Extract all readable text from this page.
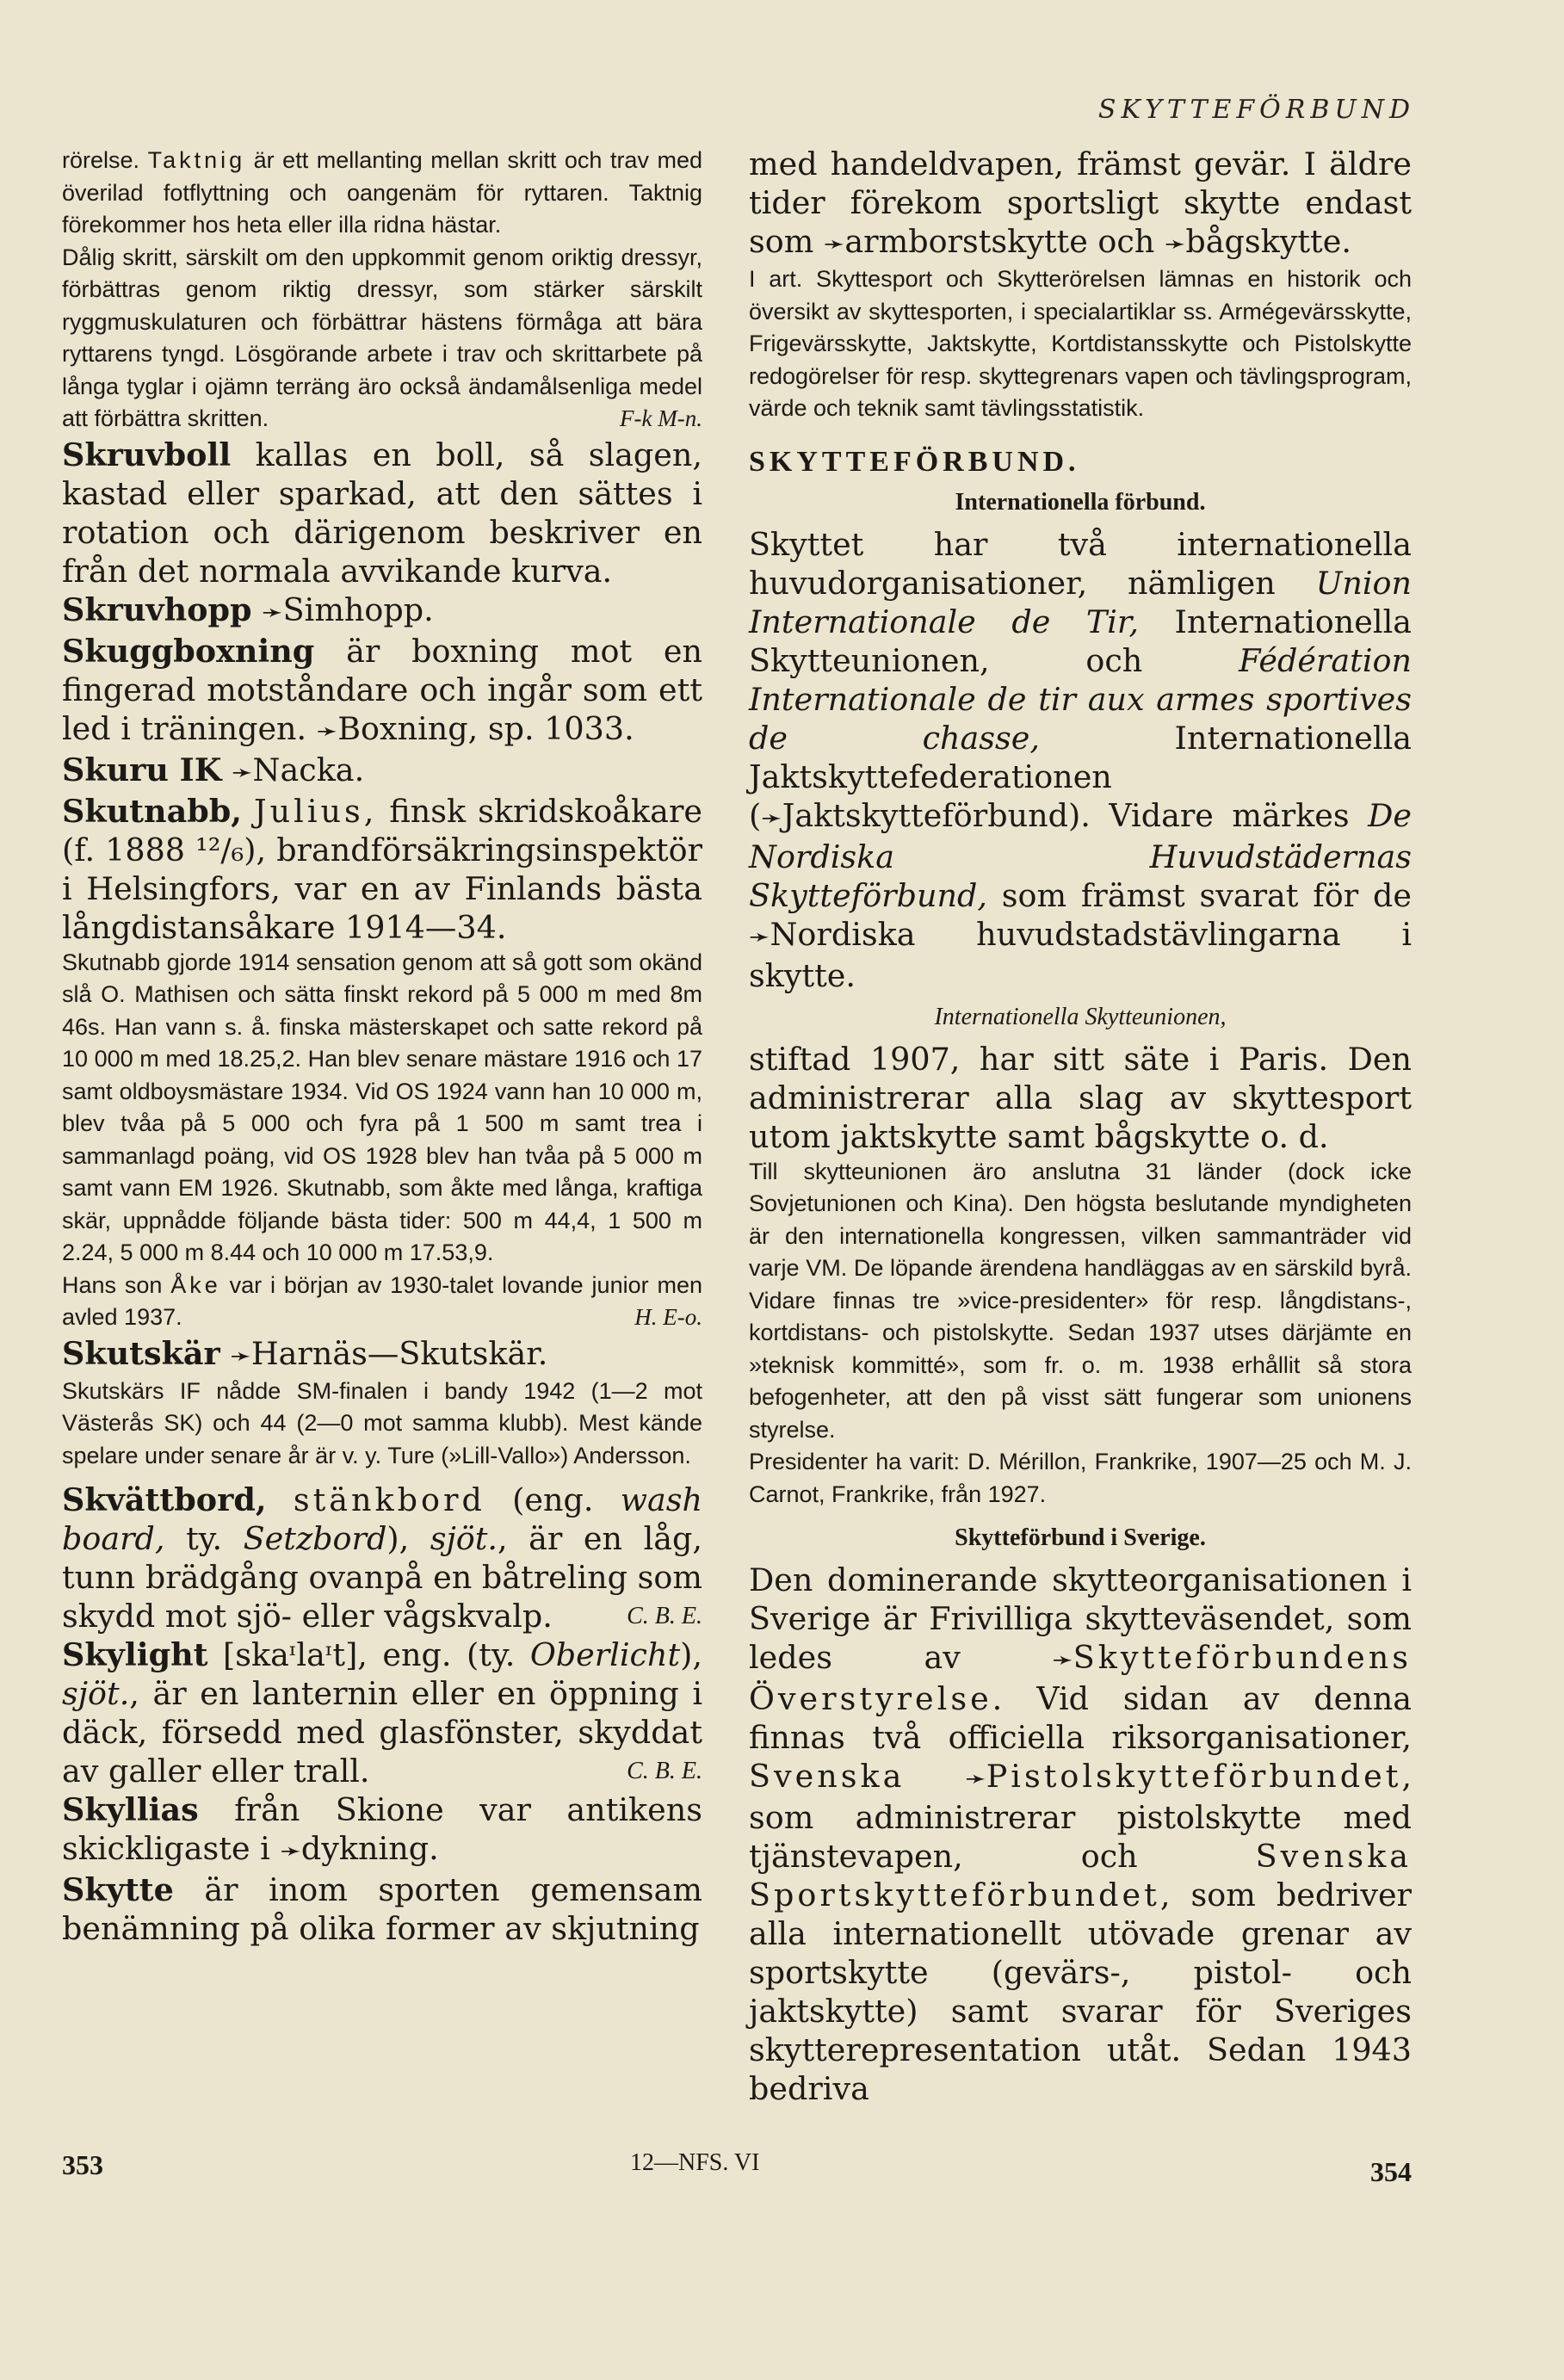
SKYTTEFÖRBUND

rörelse. Taktnig är ett mellanting mellan skritt och trav med överilad fotflyttning och oangenäm för ryttaren. Taktnig förekommer hos heta eller illa ridna hästar.

Dålig skritt, särskilt om den uppkommit genom oriktig dressyr, förbättras genom riktig dressyr, som stärker särskilt ryggmuskulaturen och förbättrar hästens förmåga att bära ryttarens tyngd. Lösgörande arbete i trav och skrittarbete på långa tyglar i ojämn terräng äro också ändamålsenliga medel att förbättra skritten.	F-k M-n.

Skruvboll kallas en boll, så slagen, kastad eller sparkad, att den sättes i rotation och därigenom beskriver en från det normala avvikande kurva.

Skruvhopp ➛Simhopp.

Skuggboxning är boxning mot en fingerad motståndare och ingår som ett led i träningen. ➛Boxning, sp. 1033.

Skuru IK ➛Nacka.

Skutnabb, Julius, finsk skridskoåkare (f. 1888 ¹²/₆), brandförsäkringsinspektör i Helsingfors, var en av Finlands bästa långdistansåkare 1914—34.

Skutnabb gjorde 1914 sensation genom att så gott som okänd slå O. Mathisen och sätta finskt rekord på 5 000 m med 8m 46s. Han vann s. å. finska mästerskapet och satte rekord på 10 000 m med 18.25,2. Han blev senare mästare 1916 och 17 samt oldboysmästare 1934. Vid OS 1924 vann han 10 000 m, blev tvåa på 5 000 och fyra på 1 500 m samt trea i sammanlagd poäng, vid OS 1928 blev han tvåa på 5 000 m samt vann EM 1926. Skutnabb, som åkte med långa, kraftiga skär, uppnådde följande bästa tider: 500 m 44,4, 1 500 m 2.24, 5 000 m 8.44 och 10 000 m 17.53,9.

Hans son Åke var i början av 1930-talet lovande junior men avled 1937.	H. E-o.

Skutskär ➛Harnäs—Skutskär.

Skutskärs IF nådde SM-finalen i bandy 1942 (1—2 mot Västerås SK) och 44 (2—0 mot samma klubb). Mest kände spelare under senare år är v. y. Ture (»Lill-Vallo») Andersson.

Skvättbord, stänkbord (eng. wash board, ty. Setzbord), sjöt., är en låg, tunn brädgång ovanpå en båtreling som skydd mot sjö- eller vågskvalp.	C. B. E.

Skylight [skaᶦlaᶦt], eng. (ty. Oberlicht), sjöt., är en lanternin eller en öppning i däck, försedd med glasfönster, skyddat av galler eller trall.	C. B. E.

Skyllias från Skione var antikens skickligaste i ➛dykning.

Skytte är inom sporten gemensam benämning på olika former av skjutning

med handeldvapen, främst gevär. I äldre tider förekom sportsligt skytte endast som ➛armborstskytte och ➛bågskytte.

I art. Skyttesport och Skytterörelsen lämnas en historik och översikt av skyttesporten, i specialartiklar ss. Armégevärsskytte, Frigevärsskytte, Jaktskytte, Kortdistansskytte och Pistolskytte redogörelser för resp. skyttegrenars vapen och tävlingsprogram, värde och teknik samt tävlingsstatistik.

SKYTTEFÖRBUND.
Internationella förbund.

Skyttet har två internationella huvudorganisationer, nämligen Union Internationale de Tir, Internationella Skytteunionen, och Fédération Internationale de tir aux armes sportives de chasse, Internationella Jaktskyttefederationen (➛Jaktskytteförbund). Vidare märkes De Nordiska Huvudstädernas Skytteförbund, som främst svarat för de ➛Nordiska huvudstadstävlingarna i skytte.

Internationella Skytteunionen,

stiftad 1907, har sitt säte i Paris. Den administrerar alla slag av skyttesport utom jaktskytte samt bågskytte o. d.

Till skytteunionen äro anslutna 31 länder (dock icke Sovjetunionen och Kina). Den högsta beslutande myndigheten är den internationella kongressen, vilken sammanträder vid varje VM. De löpande ärendena handläggas av en särskild byrå. Vidare finnas tre »vice-presidenter» för resp. långdistans-, kortdistans- och pistolskytte. Sedan 1937 utses därjämte en »teknisk kommitté», som fr. o. m. 1938 erhållit så stora befogenheter, att den på visst sätt fungerar som unionens styrelse.

Presidenter ha varit: D. Mérillon, Frankrike, 1907—25 och M. J. Carnot, Frankrike, från 1927.

Skytteförbund i Sverige.

Den dominerande skytteorganisationen i Sverige är Frivilliga skytteväsendet, som ledes av ➛Skytteförbundens Överstyrelse. Vid sidan av denna finnas två officiella riksorganisationer, Svenska ➛Pistolskytteförbundet, som administrerar pistolskytte med tjänstevapen, och Svenska Sportskytteförbundet, som bedriver alla internationellt utövade grenar av sportskytte (gevärs-, pistol- och jaktskytte) samt svarar för Sveriges skytterepresentation utåt. Sedan 1943 bedriva

353	12—NFS. VI	354
